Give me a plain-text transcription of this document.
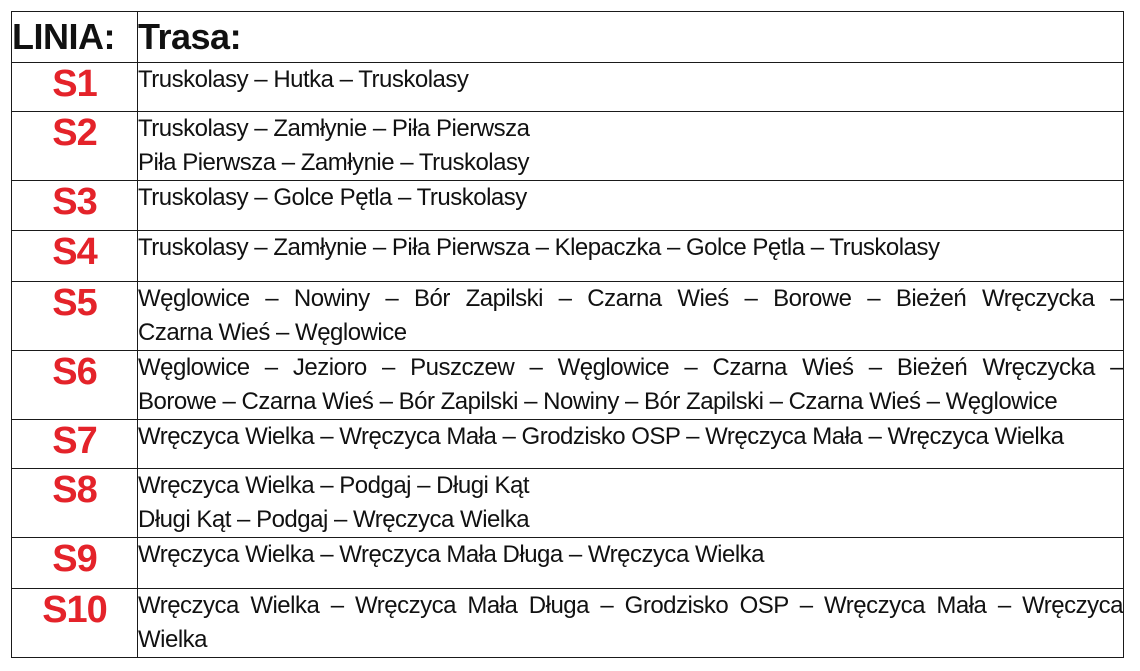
LINIA:	Trasa:
S1	Truskolasy – Hutka – Truskolasy

S2	Truskolasy – Zamłynie – Piła Pierwsza
Piła Pierwsza – Zamłynie – Truskolasy

S3	Truskolasy – Golce Pętla – Truskolasy

S4	Truskolasy – Zamłynie – Piła Pierwsza – Klepaczka – Golce Pętla – Truskolasy

S5	Węglowice – Nowiny – Bór Zapilski – Czarna Wieś – Borowe – Bieżeń Wręczycka –
Czarna Wieś – Węglowice

S6	Węglowice – Jezioro – Puszczew – Węglowice – Czarna Wieś – Bieżeń Wręczycka –
Borowe – Czarna Wieś – Bór Zapilski – Nowiny – Bór Zapilski – Czarna Wieś – Węglowice

S7	Wręczyca Wielka – Wręczyca Mała – Grodzisko OSP – Wręczyca Mała – Wręczyca Wielka

S8	Wręczyca Wielka – Podgaj – Długi Kąt
Długi Kąt – Podgaj – Wręczyca Wielka

S9	Wręczyca Wielka – Wręczyca Mała Długa – Wręczyca Wielka

S10	Wręczyca Wielka – Wręczyca Mała Długa – Grodzisko OSP – Wręczyca Mała – Wręczyca
Wielka
